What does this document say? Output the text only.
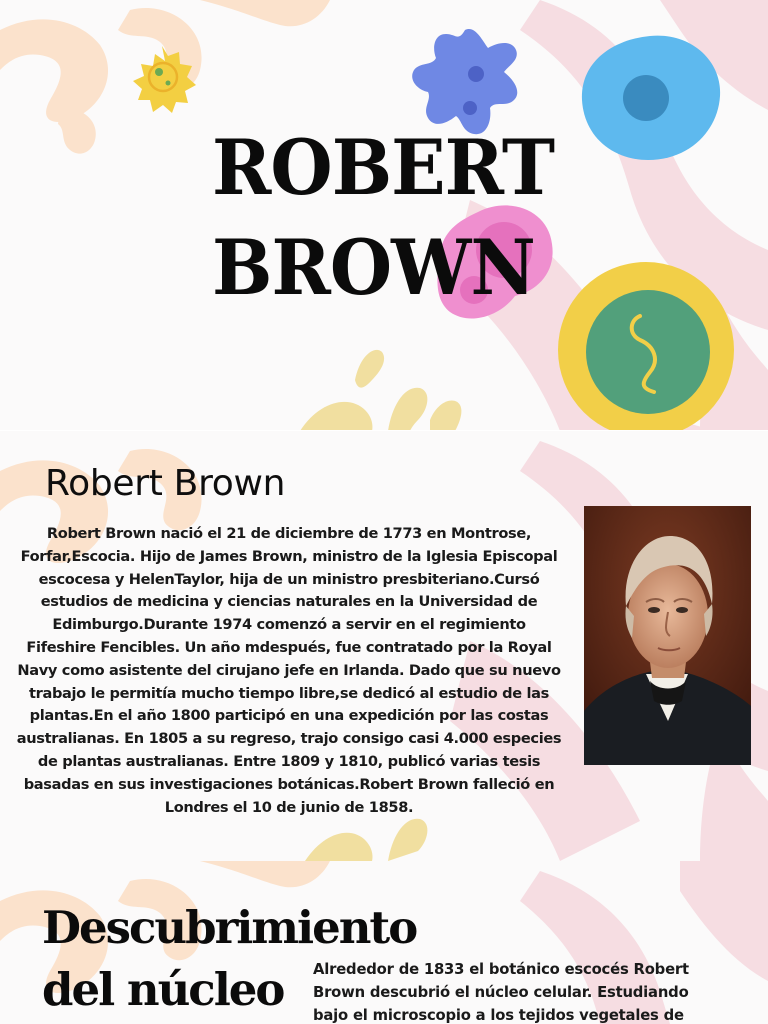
ROBERT
BROWN
Robert Brown

Robert Brown nació el 21 de diciembre de 1773 en Montrose, Forfar,Escocia. Hijo de James Brown, ministro de la Iglesia Episcopal escocesa y HelenTaylor, hija de un ministro presbiteriano.Cursó estudios de medicina y ciencias naturales en la Universidad de Edimburgo.Durante 1974 comenzó a servir en el regimiento Fifeshire Fencibles. Un año mdespués, fue contratado por la Royal Navy como asistente del cirujano jefe en Irlanda. Dado que su nuevo trabajo le permitía mucho tiempo libre,se dedicó al estudio de las plantas.En el año 1800 participó en una expedición por las costas australianas. En 1805 a su regreso, trajo consigo casi 4.000 especies de plantas australianas. Entre 1809 y 1810, publicó varias tesis basadas en sus investigaciones botánicas.Robert Brown falleció en Londres el 10 de junio de 1858.

Descubrimiento
del núcleo	Alrededor de 1833 el botánico escocés Robert Brown descubrió el núcleo celular. Estudiando bajo el microscopio a los tejidos vegetales de
